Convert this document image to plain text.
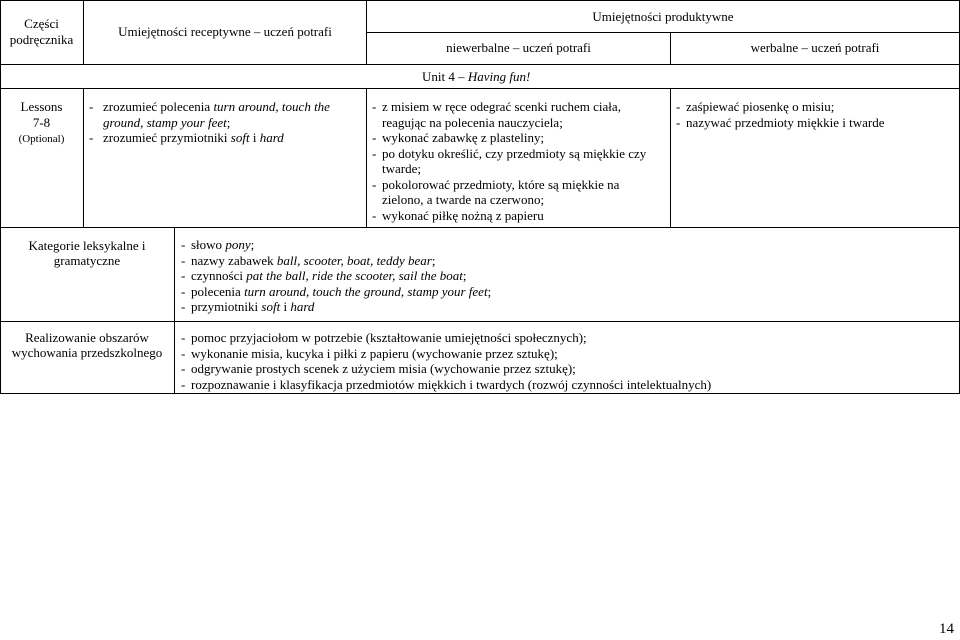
Części podręcznika
Umiejętności receptywne – uczeń potrafi
Umiejętności produktywne
niewerbalne – uczeń potrafi	werbalne – uczeń potrafi
Unit 4 – Having fun!
Lessons
7-8
(Optional)
- zrozumieć polecenia turn around, touch the ground, stamp your feet;
- zrozumieć przymiotniki soft i hard
- z misiem w ręce odegrać scenki ruchem ciała, reagując na polecenia nauczyciela;
- wykonać zabawkę z plasteliny;
- po dotyku określić, czy przedmioty są miękkie czy twarde;
- pokolorować przedmioty, które są miękkie na zielono, a twarde na czerwono;
- wykonać piłkę nożną z papieru
- zaśpiewać piosenkę o misiu;
- nazywać przedmioty miękkie i twarde
Kategorie leksykalne i gramatyczne
- słowo pony;
- nazwy zabawek ball, scooter, boat, teddy bear;
- czynności pat the ball, ride the scooter, sail the boat;
- polecenia turn around, touch the ground, stamp your feet;
- przymiotniki soft i hard
Realizowanie obszarów wychowania przedszkolnego
- pomoc przyjaciołom w potrzebie (kształtowanie umiejętności społecznych);
- wykonanie misia, kucyka i piłki z papieru (wychowanie przez sztukę);
- odgrywanie prostych scenek z użyciem misia (wychowanie przez sztukę);
- rozpoznawanie i klasyfikacja przedmiotów miękkich i twardych (rozwój czynności intelektualnych)
14
